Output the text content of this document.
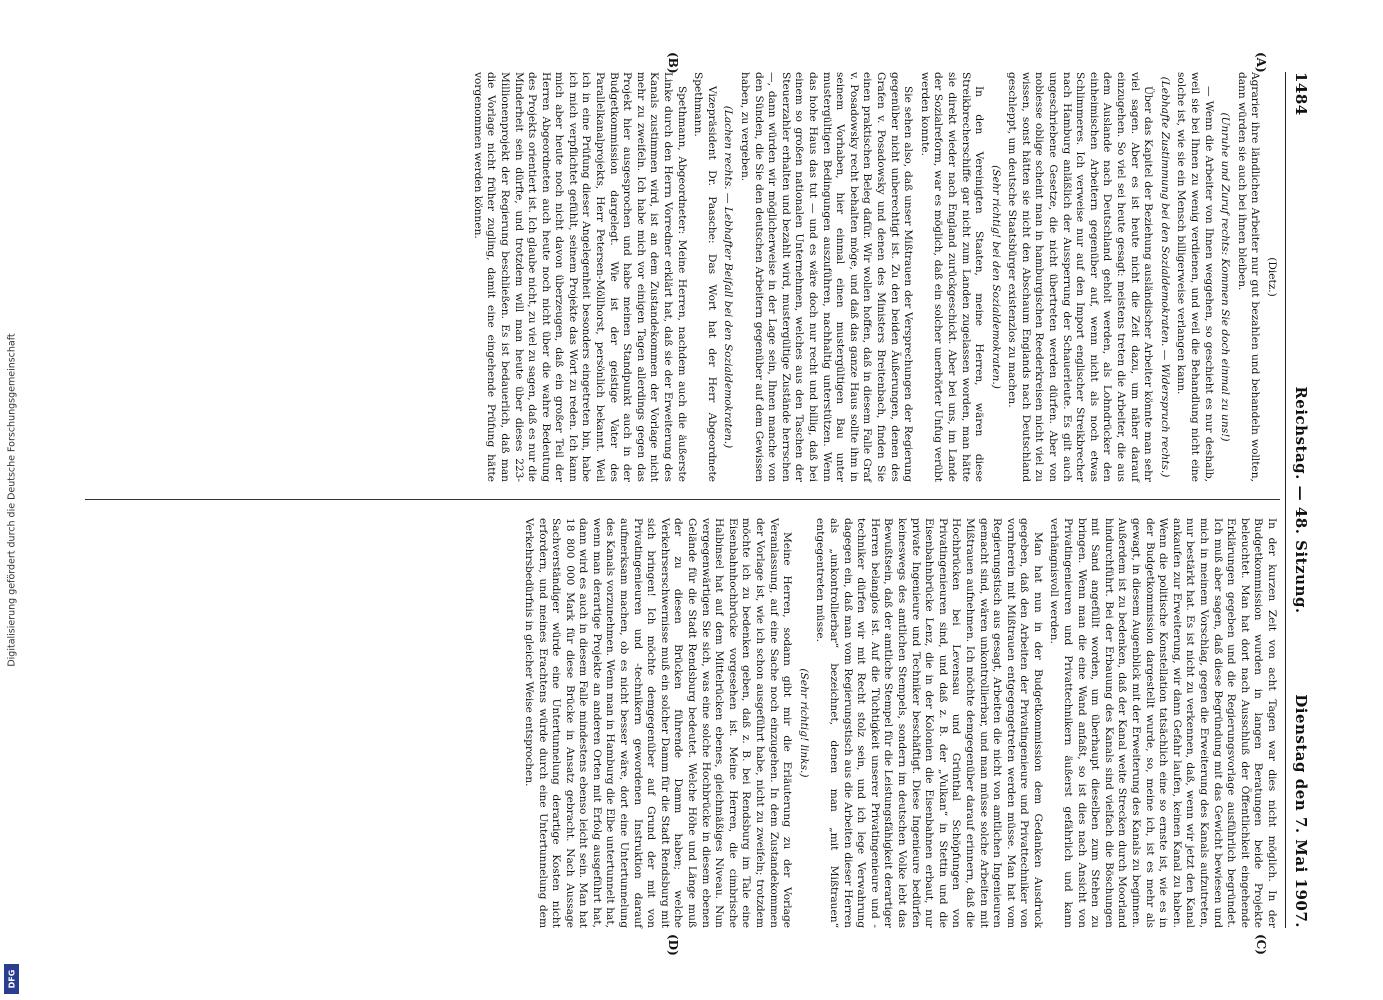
Digitalisierung gefördert durch die Deutsche Forschungsgemeinschaft
DFG
1484
Reichstag. — 48. Sitzung.
Dienstag den 7. Mai 1907.
(A)
(B)
(C)
(D)

(Dietz.)

Agrarier ihre ländlichen Arbeiter nur gut bezahlen und behandeln wollten, dann würden sie auch bei ihnen bleiben.

(Unruhe und Zuruf rechts: Kommen Sie doch einmal zu uns!)

— Wenn die Arbeiter von Ihnen weggehen, so geschieht es nur deshalb, weil sie bei Ihnen zu wenig verdienen, und weil die Behandlung nicht eine solche ist, wie sie ein Mensch billigerweise verlangen kann.

(Lebhafte Zustimmung bei den Sozialdemokraten. — Widerspruch rechts.)

Über das Kapitel der Beziehung ausländischer Arbeiter könnte man sehr viel sagen. Aber es ist heute nicht die Zeit dazu, um näher darauf einzugehen. So viel sei heute gesagt: meistens treten die Arbeiter, die aus dem Auslande nach Deutschland geholt werden, als Lohndrücker den einheimischen Arbeitern gegenüber auf, wenn nicht als noch etwas Schlimmeres. Ich verweise nur auf den Import englischer Streikbrecher nach Hamburg anläßlich der Aussperrung der Schauerleute. Es gilt auch ungeschriebene Gesetze, die nicht übertreten werden dürfen. Aber von noblesse oblige scheint man in hamburgischen Reederkreisen nicht viel zu wissen, sonst hätten sie nicht den Abschaum Englands nach Deutschland geschleppt, um deutsche Staatsbürger existenzlos zu machen.

(Sehr richtig! bei den Sozialdemokraten.)

In den Vereinigten Staaten, meine Herren, wären diese Streikbrecherschiffe gar nicht zum Landen zugelassen worden, man hätte sie direkt wieder nach England zurückgeschickt. Aber bei uns, im Lande der Sozialreform, war es möglich, daß ein solcher unerhörter Unfug verübt werden konnte.

Sie sehen also, daß unser Mißtrauen der Versprechungen der Regierung gegenüber nicht unberechtigt ist. Zu den beiden Äußerungen, denen des Grafen v. Posadowsky und denen des Ministers Breitenbach, finden Sie einen praktischen Beleg dafür. Wir wollen hoffen, daß in diesem Falle Graf v. Posadowsky recht behalten möge, und daß das ganze Haus sollte ihm in seinem Vorhaben, hier einmal einen mustergültigen Bau unter mustergültigen Bedingungen auszuführen, nachhaltig unterstützen. Wenn das hohe Haus das tut — und es wäre doch nur recht und billig, daß bei einem so großen nationalen Unternehmen, welches aus den Taschen der Steuerzahler erhalten und bezahlt wird, mustergültige Zustände herrschen —, dann würden wir möglicherweise in der Lage sein, Ihnen manche von den Sünden, die Sie den deutschen Arbeitern gegenüber auf dem Gewissen haben, zu vergeben.

(Lachen rechts. — Lebhafter Beifall bei den Sozialdemokraten.)

Vizepräsident Dr. Paasche: Das Wort hat der Herr Abgeordnete Spethmann.

Spethmann, Abgeordneter: Meine Herren, nachdem auch die äußerste Linke durch den Herrn Vorredner erklärt hat, daß sie der Erweiterung des Kanals zustimmen wird, ist an dem Zustandekommen der Vorlage nicht mehr zu zweifeln. Ich habe mich vor einigen Tagen allerdings gegen das Projekt hier ausgesprochen und habe meinen Standpunkt auch in der Budgetkommission dargelegt. Wie ist der geistige Vater des Parallelkanalprojekts, Herr Petersen-Möllhorst, persönlich bekannt. Weil ich in eine Prüfung dieser Angelegenheit besonders eingetreten bin, habe ich mich verpflichtet gefühlt, seinem Projekte das Wort zu reden. Ich kann mich aber heute noch nicht davon überzeugen, daß ein großer Teil der Herren Abgeordneten auch heute noch nicht über die wahre Bedeutung des Projekts orientiert ist. Ich glaube nicht, zu viel zu sagen, daß es nur die Minderheit sein dürfte, und trotzdem will man heute über dieses 223-Millionenprojekt der Regierung beschließen. Es ist bedauerlich, daß man die Vorlage nicht früher zugling, damit eine eingehende Prüfung hätte vorgenommen werden können.

In der kurzen Zeit von acht Tagen war dies nicht möglich. In der Budgetkommission wurden in langen Beratungen beide Projekte beleuchtet. Man hat dort nach Ausschluß der Öffentlichkeit eingehende Erklärungen gegeben und die Regierungsvorlage ausführlich begründet. Ich muß aber sagen, daß diese Begründung mit das Gewicht bewiesen und mich in meinem Vorschlag, gegen die Erweiterung des Kanals aufzutreten, nur bestärkt hat. Es ist nicht zu verkennen, daß, wenn wir jetzt den Kanal ankaufen zur Erweiterung, wir dann Gefahr laufen, keinen Kanal zu haben. Wenn die politische Konstellation tatsächlich eine so ernste ist, wie es in der Budgetkommission dargestellt wurde, so, meine ich, ist es mehr als gewagt, in diesem Augenblick mit der Erweiterung des Kanals zu beginnen. Außerdem ist zu bedenken, daß der Kanal weite Strecken durch Moorland hindurchführt. Bei der Erbauung des Kanals sind vielfach die Böschungen mit Sand angefüllt worden, um überhaupt dieselben zum Stehen zu bringen. Wenn man die eine Wand anfaßt, so ist dies nach Ansicht von Privatingenieuren und Privattechnikern äußerst gefährlich und kann verhängnisvoll werden.

Man hat nun in der Budgetkommission dem Gedanken Ausdruck gegeben, daß den Arbeiten der Privatingenieure und Privattechniker von vornherein mit Mißtrauen entgegengetreten werden müsse. Man hat vom Regierungstisch aus gesagt, Arbeiten die nicht von amtlichen Ingenieuren gemacht sind, wären unkontrollierbar, und man müsse solche Arbeiten mit Mißtrauen aufnehmen. Ich möchte demgegenüber darauf erinnern, daß die Hochbrücken bei Levensau und Grünthal Schöpfungen von Privatingenieuren sind, und daß z. B. der „Vulkan“ in Stettin und die Eisenbahnbrücke Lenz, die in der Kolonien die Eisenbahnen erbaut, nur private Ingenieure und Techniker beschäftigt. Diese Ingenieure bedürfen keineswegs des amtlichen Stempels, sondern im deutschen Volke lebt das Bewußtsein, daß der amtliche Stempel für die Leistungsfähigkeit derartiger Herren belanglos ist. Auf die Tüchtigkeit unserer Privatingenieure und -techniker dürfen wir mit Recht stolz sein, und ich lege Verwahrung dagegen ein, daß man vom Regierungstisch aus die Arbeiten dieser Herren als „unkontrollierbar“ bezeichnet, denen man „mit Mißtrauen“ entgegentreten müsse.

(Sehr richtig! links.)

Meine Herren, sodann gibt mir die Erläuterung zu der Vorlage Veranlassung, auf eine Sache noch einzugehen. In dem Zustandekommen der Vorlage ist, wie ich schon ausgeführt habe, nicht zu zweifeln; trotzdem möchte ich zu bedenken geben, daß z. B. bei Rendsburg im Tale eine Eisenbahnhochbrücke vorgesehen ist. Meine Herren, die cimbrische Halbinsel hat auf dem Mittelrücken ebenes, gleichmäßiges Niveau. Nun vergegenwärtigen Sie sich, was eine solche Hochbrücke in diesem ebenen Gelände für die Stadt Rendsburg bedeutet. Welche Höhe und Länge muß der zu diesen Brücken führende Damm haben; welche Verkehrserschwernisse muß ein solcher Damm für die Stadt Rendsburg mit sich bringen! Ich möchte demgegenüber auf Grund der mit von Privatingenieuren und -technikern gewordenen Instruktion darauf aufmerksam machen, ob es nicht besser wäre, dort eine Untertunnelung des Kanals vorzunehmen. Wenn man in Hamburg die Elbe untertunnelt hat, wenn man derartige Projekte an anderen Orten mit Erfolg ausgeführt hat, dann wird es auch in diesem Falle mindestens ebenso leicht sein. Man hat 18 800 000 Mark für diese Brücke in Ansatz gebracht. Nach Aussage Sachverständiger würde eine Untertunnelung derartige Kosten nicht erfordern, und meines Erachtens würde durch eine Untertunnelung dem Verkehrsbedürfnis in gleicher Weise entsprochen.
